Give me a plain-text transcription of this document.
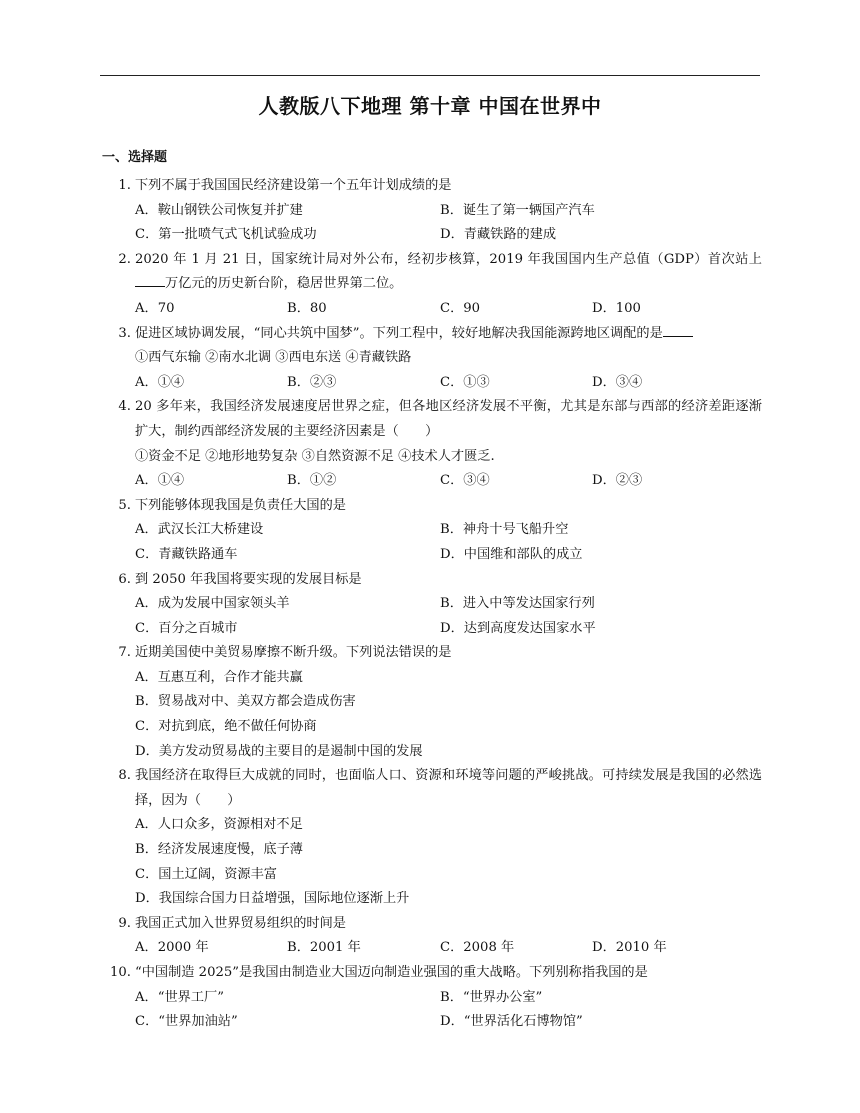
人教版八下地理 第十章 中国在世界中
一、选择题
1. 下列不属于我国国民经济建设第一个五年计划成绩的是
A．鞍山钢铁公司恢复并扩建	B．诞生了第一辆国产汽车
C．第一批喷气式飞机试验成功	D．青藏铁路的建成
2. 2020 年 1 月 21 日，国家统计局对外公布，经初步核算，2019 年我国国内生产总值（GDP）首次站上万亿元的历史新台阶，稳居世界第二位。
A．70	B．80	C．90	D．100
3. 促进区域协调发展，“同心共筑中国梦”。下列工程中，较好地解决我国能源跨地区调配的是
①西气东输 ②南水北调 ③西电东送 ④青藏铁路
A．①④	B．②③	C．①③	D．③④
4. 20 多年来，我国经济发展速度居世界之症，但各地区经济发展不平衡，尤其是东部与西部的经济差距逐渐扩大，制约西部经济发展的主要经济因素是（　　）
①资金不足 ②地形地势复杂 ③自然资源不足 ④技术人才匮乏.
A．①④	B．①②	C．③④	D．②③
5. 下列能够体现我国是负责任大国的是
A．武汉长江大桥建设	B．神舟十号飞船升空
C．青藏铁路通车	D．中国维和部队的成立
6. 到 2050 年我国将要实现的发展目标是
A．成为发展中国家领头羊	B．进入中等发达国家行列
C．百分之百城市	D．达到高度发达国家水平
7. 近期美国使中美贸易摩擦不断升级。下列说法错误的是
A．互惠互利，合作才能共赢
B．贸易战对中、美双方都会造成伤害
C．对抗到底，绝不做任何协商
D．美方发动贸易战的主要目的是遏制中国的发展
8. 我国经济在取得巨大成就的同时，也面临人口、资源和环境等问题的严峻挑战。可持续发展是我国的必然选择，因为（　　）
A．人口众多，资源相对不足
B．经济发展速度慢，底子薄
C．国土辽阔，资源丰富
D．我国综合国力日益增强，国际地位逐渐上升
9. 我国正式加入世界贸易组织的时间是
A．2000 年	B．2001 年	C．2008 年	D．2010 年
10. “中国制造 2025”是我国由制造业大国迈向制造业强国的重大战略。下列别称指我国的是
A．“世界工厂”	B．“世界办公室”
C．“世界加油站”	D．“世界活化石博物馆”
